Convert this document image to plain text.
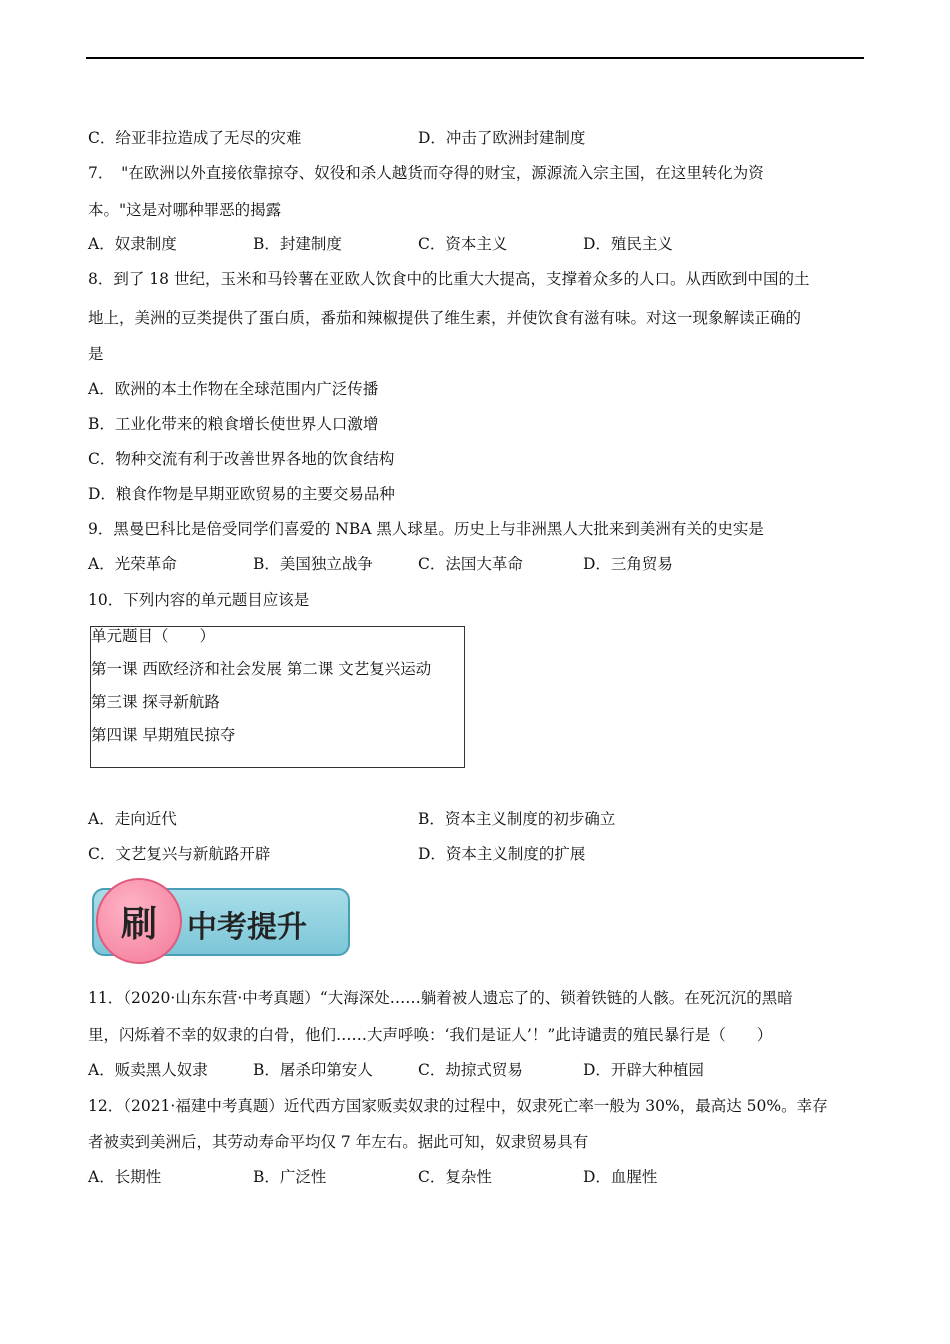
C．给亚非拉造成了无尽的灾难	D．冲击了欧洲封建制度
7．　"在欧洲以外直接依靠掠夺、奴役和杀人越货而夺得的财宝，源源流入宗主国，在这里转化为资
本。"这是对哪种罪恶的揭露
A．奴隶制度	B．封建制度	C．资本主义	D．殖民主义
8．到了 18 世纪，玉米和马铃薯在亚欧人饮食中的比重大大提高，支撑着众多的人口。从西欧到中国的土
地上，美洲的豆类提供了蛋白质，番茄和辣椒提供了维生素，并使饮食有滋有味。对这一现象解读正确的
是
A．欧洲的本土作物在全球范围内广泛传播
B．工业化带来的粮食增长使世界人口激增
C．物种交流有利于改善世界各地的饮食结构
D．粮食作物是早期亚欧贸易的主要交易品种
9．黑曼巴科比是倍受同学们喜爱的 NBA 黑人球星。历史上与非洲黑人大批来到美洲有关的史实是
A．光荣革命	B．美国独立战争	C．法国大革命	D．三角贸易
10．下列内容的单元题目应该是
单元题目（　　）
第一课 西欧经济和社会发展 第二课 文艺复兴运动
第三课 探寻新航路
第四课 早期殖民掠夺
A．走向近代	B．资本主义制度的初步确立
C．文艺复兴与新航路开辟	D．资本主义制度的扩展
刷	中考提升
11．（2020·山东东营·中考真题）“大海深处……躺着被人遗忘了的、锁着铁链的人骸。在死沉沉的黑暗
里，闪烁着不幸的奴隶的白骨，他们……大声呼唤：‘我们是证人’！”此诗谴责的殖民暴行是（　　）
A．贩卖黑人奴隶	B．屠杀印第安人	C．劫掠式贸易	D．开辟大种植园
12．（2021·福建中考真题）近代西方国家贩卖奴隶的过程中，奴隶死亡率一般为 30%，最高达 50%。幸存
者被卖到美洲后，其劳动寿命平均仅 7 年左右。据此可知，奴隶贸易具有
A．长期性	B．广泛性	C．复杂性	D．血腥性
